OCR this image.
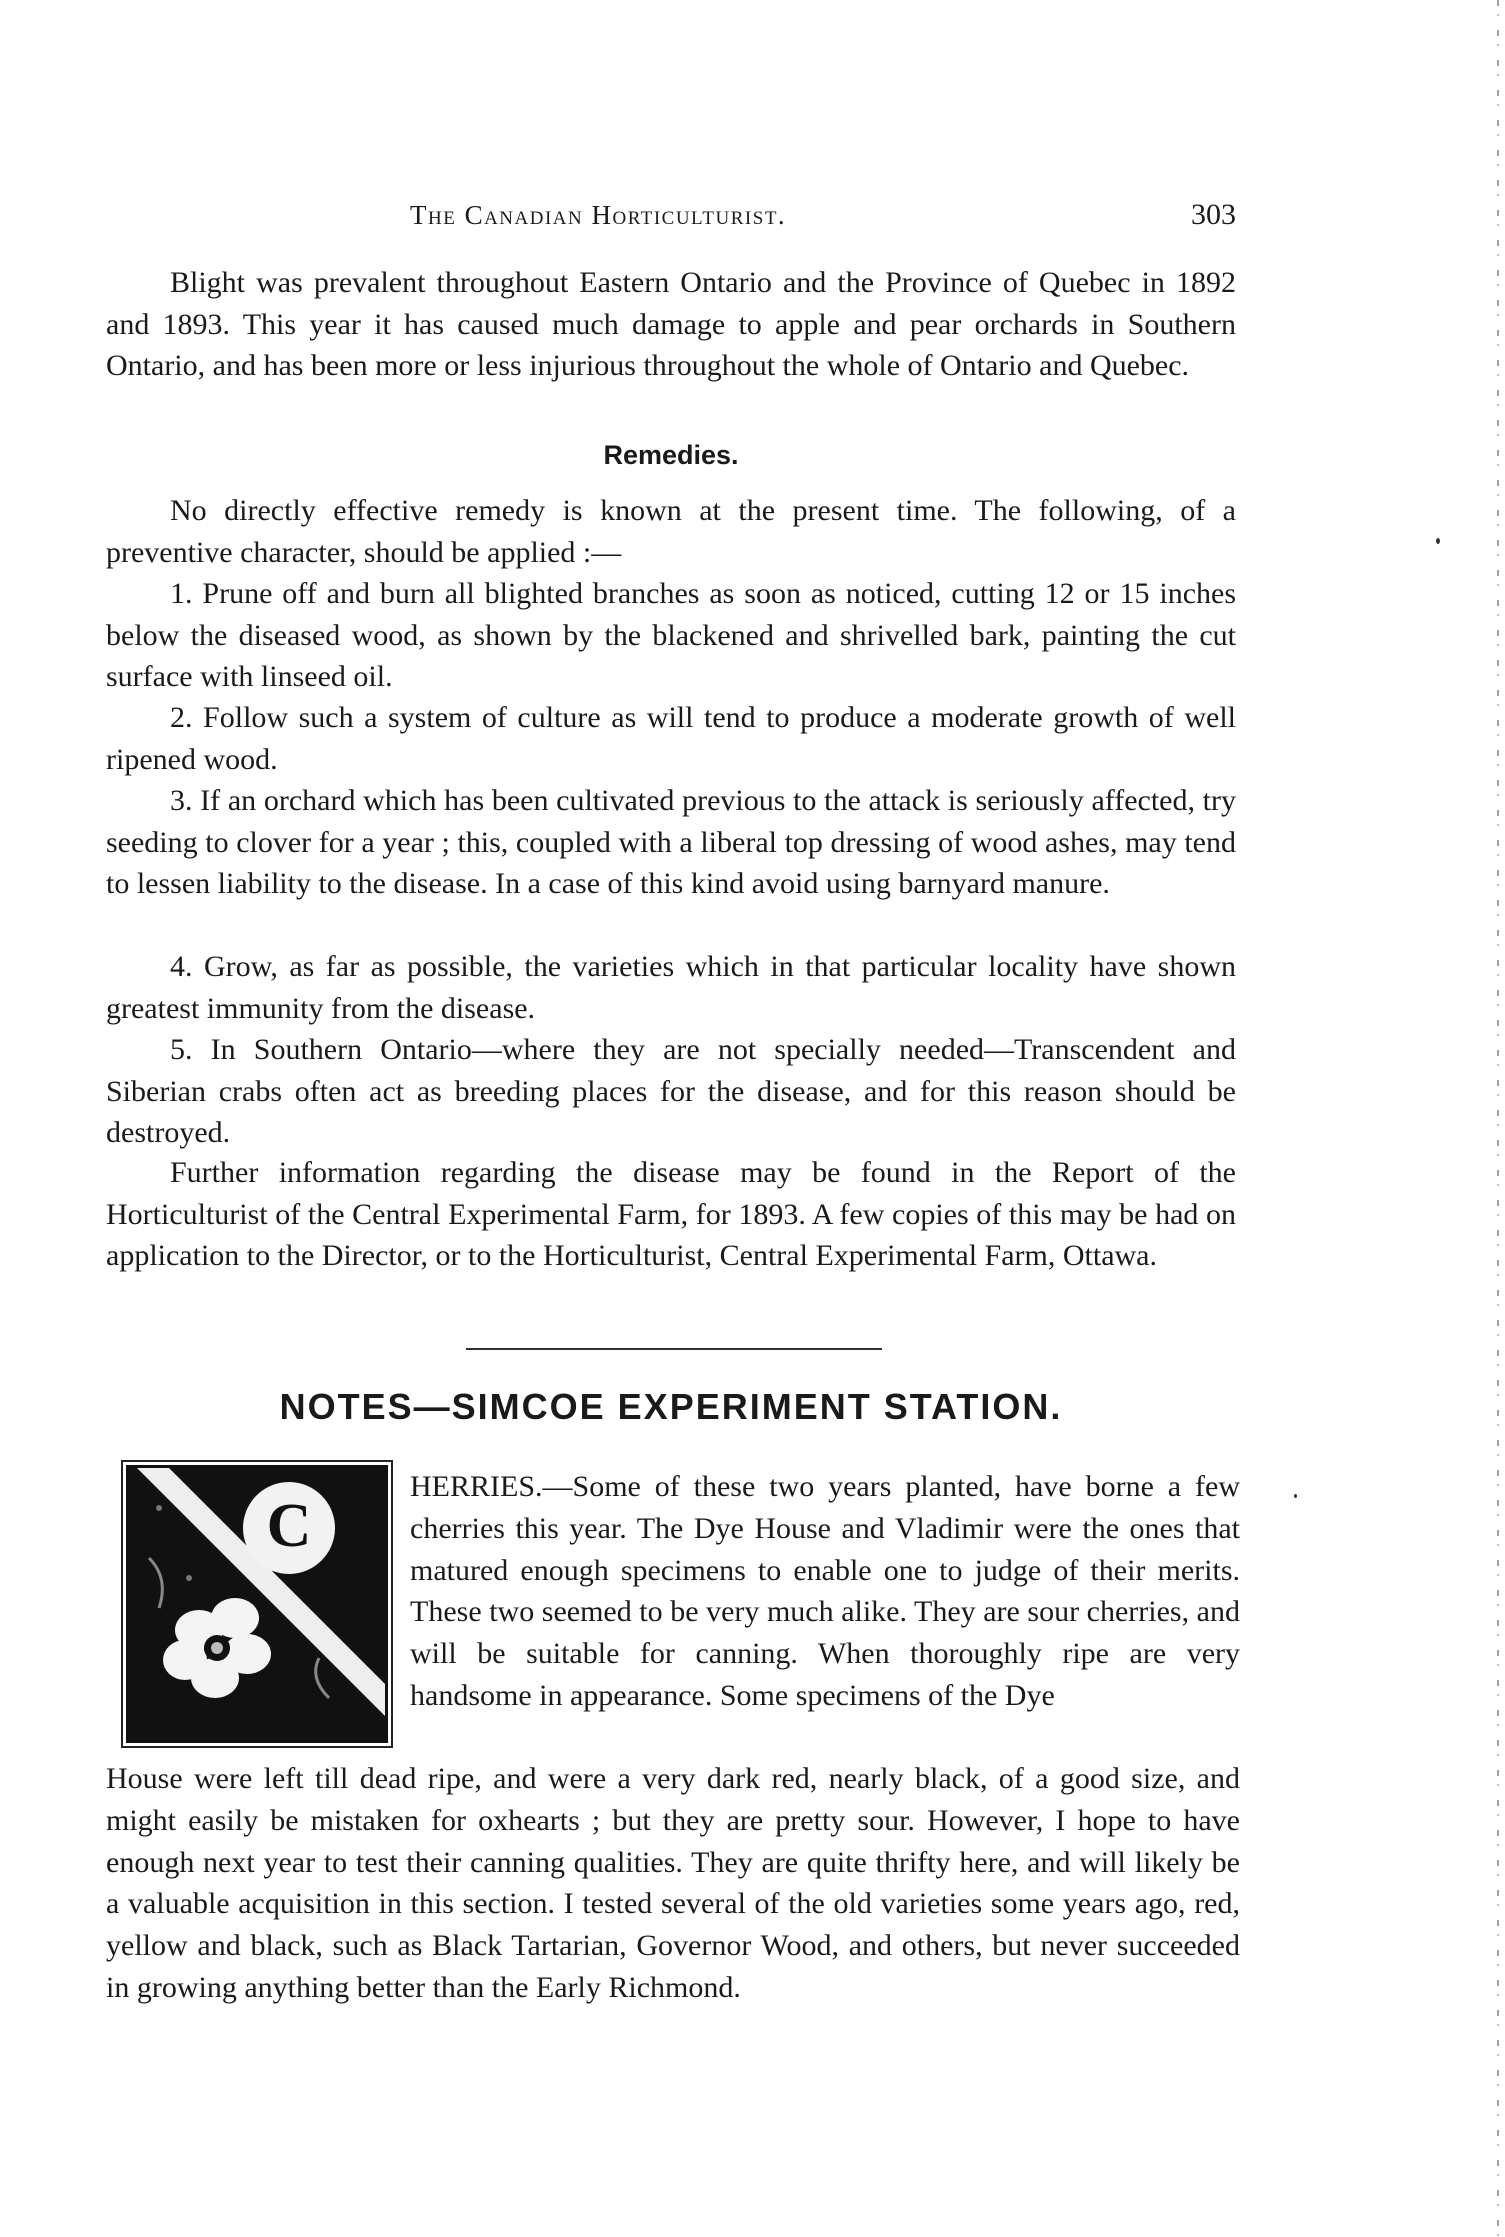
The Canadian Horticulturist.	303

Blight was prevalent throughout Eastern Ontario and the Province of Quebec in 1892 and 1893. This year it has caused much damage to apple and pear orchards in Southern Ontario, and has been more or less injurious throughout the whole of Ontario and Quebec.

Remedies.

No directly effective remedy is known at the present time. The following, of a preventive character, should be applied :—

1. Prune off and burn all blighted branches as soon as noticed, cutting 12 or 15 inches below the diseased wood, as shown by the blackened and shrivelled bark, painting the cut surface with linseed oil.

2. Follow such a system of culture as will tend to produce a moderate growth of well ripened wood.

3. If an orchard which has been cultivated previous to the attack is seriously affected, try seeding to clover for a year ; this, coupled with a liberal top dressing of wood ashes, may tend to lessen liability to the disease. In a case of this kind avoid using barnyard manure.

4. Grow, as far as possible, the varieties which in that particular locality have shown greatest immunity from the disease.

5. In Southern Ontario—where they are not specially needed—Transcendent and Siberian crabs often act as breeding places for the disease, and for this reason should be destroyed.

Further information regarding the disease may be found in the Report of the Horticulturist of the Central Experimental Farm, for 1893. A few copies of this may be had on application to the Director, or to the Horticulturist, Central Experimental Farm, Ottawa.

NOTES—SIMCOE EXPERIMENT STATION.
C

HERRIES.—Some of these two years planted, have borne a few cherries this year. The Dye House and Vladimir were the ones that matured enough specimens to enable one to judge of their merits. These two seemed to be very much alike. They are sour cherries, and will be suitable for canning. When thoroughly ripe are very handsome in appearance. Some specimens of the Dye

House were left till dead ripe, and were a very dark red, nearly black, of a good size, and might easily be mistaken for oxhearts ; but they are pretty sour. However, I hope to have enough next year to test their canning qualities. They are quite thrifty here, and will likely be a valuable acquisition in this section. I tested several of the old varieties some years ago, red, yellow and black, such as Black Tartarian, Governor Wood, and others, but never succeeded in growing anything better than the Early Richmond.
